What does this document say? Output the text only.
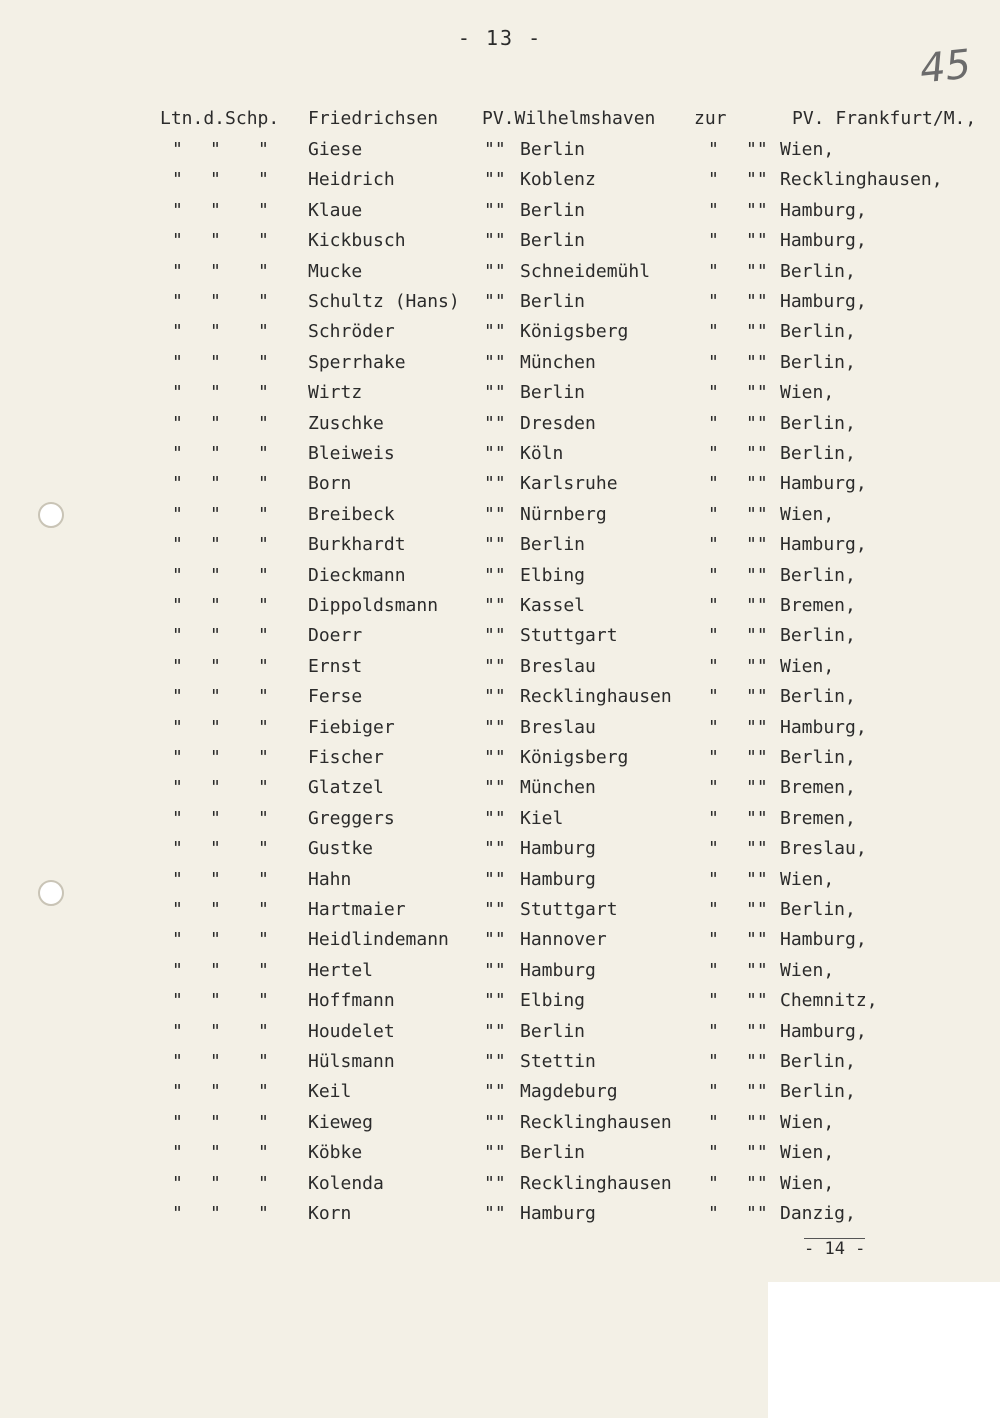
- 13 -
45
Ltn.d.Schp. Friedrichsen PV.Wilhelmshaven zur	PV. Frankfurt/M.,
" " " Giese	"" Berlin	" "" Wien,
" " " Heidrich	"" Koblenz	" "" Recklinghausen,
" " " Klaue	"" Berlin	" "" Hamburg,
" " " Kickbusch	"" Berlin	" "" Hamburg,
" " " Mucke	"" Schneidemühl	" "" Berlin,
" " " Schultz (Hans) "" Berlin	" "" Hamburg,
" " " Schröder	"" Königsberg	" "" Berlin,
" " " Sperrhake	"" München	" "" Berlin,
" " " Wirtz	"" Berlin	" "" Wien,
" " " Zuschke	"" Dresden	" "" Berlin,
" " " Bleiweis	"" Köln	" "" Berlin,
" " " Born	"" Karlsruhe	" "" Hamburg,
" " " Breibeck	"" Nürnberg	" "" Wien,
" " " Burkhardt	"" Berlin	" "" Hamburg,
" " " Dieckmann	"" Elbing	" "" Berlin,
" " " Dippoldsmann	"" Kassel	" "" Bremen,
" " " Doerr	"" Stuttgart	" "" Berlin,
" " " Ernst	"" Breslau	" "" Wien,
" " " Ferse	"" Recklinghausen " "" Berlin,
" " " Fiebiger	"" Breslau	" "" Hamburg,
" " " Fischer	"" Königsberg	" "" Berlin,
" " " Glatzel	"" München	" "" Bremen,
" " " Greggers	"" Kiel	" "" Bremen,
" " " Gustke	"" Hamburg	" "" Breslau,
" " " Hahn	"" Hamburg	" "" Wien,
" " " Hartmaier	"" Stuttgart	" "" Berlin,
" " " Heidlindemann "" Hannover	" "" Hamburg,
" " " Hertel	"" Hamburg	" "" Wien,
" " " Hoffmann	"" Elbing	" "" Chemnitz,
" " " Houdelet	"" Berlin	" "" Hamburg,
" " " Hülsmann	"" Stettin	" "" Berlin,
" " " Keil	"" Magdeburg	" "" Berlin,
" " " Kieweg	"" Recklinghausen " "" Wien,
" " " Köbke	"" Berlin	" "" Wien,
" " " Kolenda	"" Recklinghausen " "" Wien,
" " " Korn	"" Hamburg	" "" Danzig,
- 14 -
